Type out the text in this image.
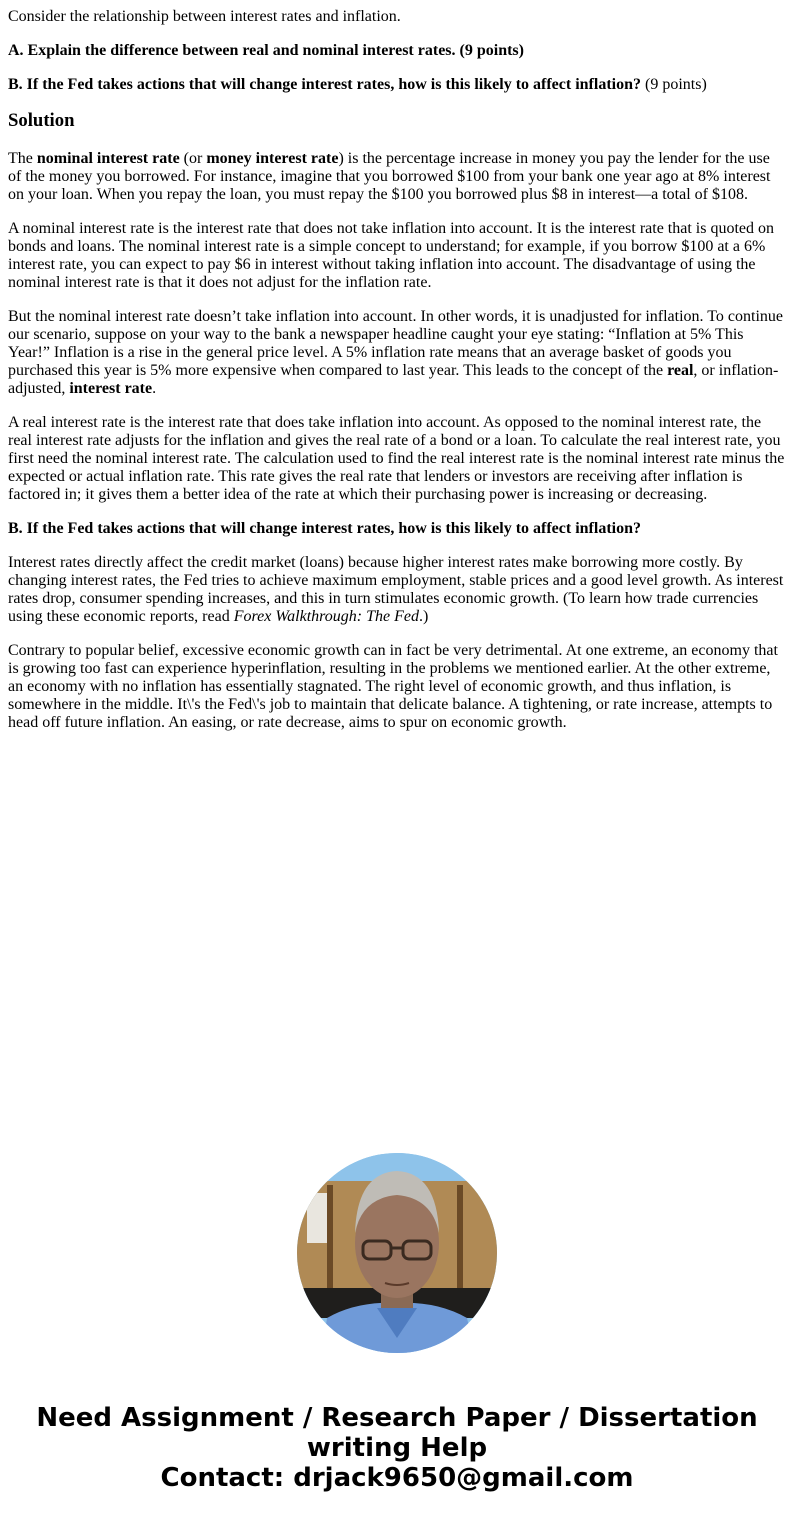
Consider the relationship between interest rates and inflation.

A. Explain the difference between real and nominal interest rates. (9 points)

B. If the Fed takes actions that will change interest rates, how is this likely to affect inflation? (9 points)

Solution

The nominal interest rate (or money interest rate) is the percentage increase in money you pay the lender for the use of the money you borrowed. For instance, imagine that you borrowed $100 from your bank one year ago at 8% interest on your loan. When you repay the loan, you must repay the $100 you borrowed plus $8 in interest—a total of $108.

A nominal interest rate is the interest rate that does not take inflation into account. It is the interest rate that is quoted on bonds and loans. The nominal interest rate is a simple concept to understand; for example, if you borrow $100 at a 6% interest rate, you can expect to pay $6 in interest without taking inflation into account. The disadvantage of using the nominal interest rate is that it does not adjust for the inflation rate.

But the nominal interest rate doesn’t take inflation into account. In other words, it is unadjusted for inflation. To continue our scenario, suppose on your way to the bank a newspaper headline caught your eye stating: “Inflation at 5% This Year!” Inflation is a rise in the general price level. A 5% inflation rate means that an average basket of goods you purchased this year is 5% more expensive when compared to last year. This leads to the concept of the real, or inflation-adjusted, interest rate.

A real interest rate is the interest rate that does take inflation into account. As opposed to the nominal interest rate, the real interest rate adjusts for the inflation and gives the real rate of a bond or a loan. To calculate the real interest rate, you first need the nominal interest rate. The calculation used to find the real interest rate is the nominal interest rate minus the expected or actual inflation rate. This rate gives the real rate that lenders or investors are receiving after inflation is factored in; it gives them a better idea of the rate at which their purchasing power is increasing or decreasing.

B. If the Fed takes actions that will change interest rates, how is this likely to affect inflation?

Interest rates directly affect the credit market (loans) because higher interest rates make borrowing more costly. By changing interest rates, the Fed tries to achieve maximum employment, stable prices and a good level growth. As interest rates drop, consumer spending increases, and this in turn stimulates economic growth. (To learn how trade currencies using these economic reports, read Forex Walkthrough: The Fed.)

Contrary to popular belief, excessive economic growth can in fact be very detrimental. At one extreme, an economy that is growing too fast can experience hyperinflation, resulting in the problems we mentioned earlier. At the other extreme, an economy with no inflation has essentially stagnated. The right level of economic growth, and thus inflation, is somewhere in the middle. It\'s the Fed\'s job to maintain that delicate balance. A tightening, or rate increase, attempts to head off future inflation. An easing, or rate decrease, aims to spur on economic growth.

Need Assignment / Research Paper / Dissertation
writing Help
Contact: drjack9650@gmail.com
